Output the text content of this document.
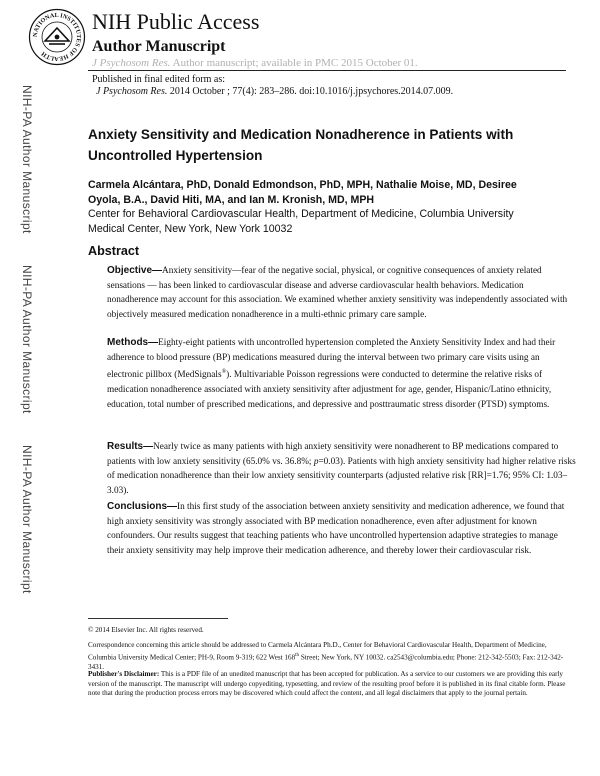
NATIONAL INSTITUTES OF HEALTH
NIH Public Access
Author Manuscript
J Psychosom Res. Author manuscript; available in PMC 2015 October 01.
Published in final edited form as:
J Psychosom Res. 2014 October ; 77(4): 283–286. doi:10.1016/j.jpsychores.2014.07.009.
NIH-PA Author Manuscript
NIH-PA Author Manuscript
NIH-PA Author Manuscript
Anxiety Sensitivity and Medication Nonadherence in Patients with Uncontrolled Hypertension
Carmela Alcántara, PhD, Donald Edmondson, PhD, MPH, Nathalie Moise, MD, Desiree Oyola, B.A., David Hiti, MA, and Ian M. Kronish, MD, MPH
Center for Behavioral Cardiovascular Health, Department of Medicine, Columbia University Medical Center, New York, New York 10032
Abstract
Objective—Anxiety sensitivity—fear of the negative social, physical, or cognitive consequences of anxiety related sensations — has been linked to cardiovascular disease and adverse cardiovascular health behaviors. Medication nonadherence may account for this association. We examined whether anxiety sensitivity was independently associated with objectively measured medication nonadherence in a multi-ethnic primary care sample.
Methods—Eighty-eight patients with uncontrolled hypertension completed the Anxiety Sensitivity Index and had their adherence to blood pressure (BP) medications measured during the interval between two primary care visits using an electronic pillbox (MedSignals®). Multivariable Poisson regressions were conducted to determine the relative risks of medication nonadherence associated with anxiety sensitivity after adjustment for age, gender, Hispanic/Latino ethnicity, education, total number of prescribed medications, and depressive and posttraumatic stress disorder (PTSD) symptoms.
Results—Nearly twice as many patients with high anxiety sensitivity were nonadherent to BP medications compared to patients with low anxiety sensitivity (65.0% vs. 36.8%; p=0.03). Patients with high anxiety sensitivity had higher relative risks of medication nonadherence than their low anxiety sensitivity counterparts (adjusted relative risk [RR]=1.76; 95% CI: 1.03–3.03).
Conclusions—In this first study of the association between anxiety sensitivity and medication adherence, we found that high anxiety sensitivity was strongly associated with BP medication nonadherence, even after adjustment for known confounders. Our results suggest that teaching patients who have uncontrolled hypertension adaptive strategies to manage their anxiety sensitivity may help improve their medication adherence, and thereby lower their cardiovascular risk.
© 2014 Elsevier Inc. All rights reserved.
Correspondence concerning this article should be addressed to Carmela Alcántara Ph.D., Center for Behavioral Cardiovascular Health, Department of Medicine, Columbia University Medical Center; PH-9, Room 9-319; 622 West 168th Street; New York, NY 10032. ca2543@columbia.edu; Phone: 212-342-5503; Fax: 212-342-3431.
Publisher's Disclaimer: This is a PDF file of an unedited manuscript that has been accepted for publication. As a service to our customers we are providing this early version of the manuscript. The manuscript will undergo copyediting, typesetting, and review of the resulting proof before it is published in its final citable form. Please note that during the production process errors may be discovered which could affect the content, and all legal disclaimers that apply to the journal pertain.
